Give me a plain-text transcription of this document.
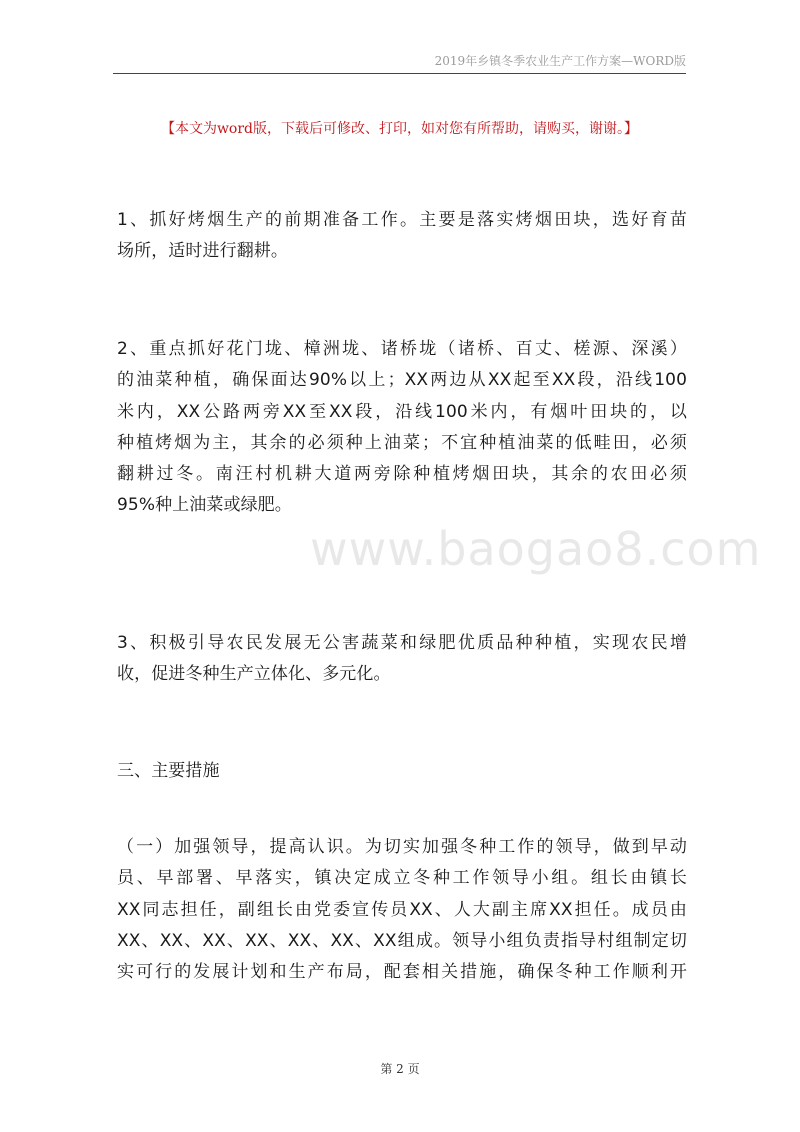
2019年乡镇冬季农业生产工作方案—WORD版
【本文为word版，下载后可修改、打印，如对您有所帮助，请购买，谢谢。】
www.baogao8.com
1、抓好烤烟生产的前期准备工作。主要是落实烤烟田块，选好育苗
场所，适时进行翻耕。
2、重点抓好花门垅、樟洲垅、诸桥垅（诸桥、百丈、槎源、深溪）
的油菜种植，确保面达90%以上；XX两边从XX起至XX段，沿线100
米内，XX公路两旁XX至XX段，沿线100米内，有烟叶田块的，以
种植烤烟为主，其余的必须种上油菜；不宜种植油菜的低畦田，必须
翻耕过冬。南汪村机耕大道两旁除种植烤烟田块，其余的农田必须
95%种上油菜或绿肥。
3、积极引导农民发展无公害蔬菜和绿肥优质品种种植，实现农民增
收，促进冬种生产立体化、多元化。
三、主要措施
（一）加强领导，提高认识。为切实加强冬种工作的领导，做到早动
员、早部署、早落实，镇决定成立冬种工作领导小组。组长由镇长
XX同志担任，副组长由党委宣传员XX、人大副主席XX担任。成员由
XX、XX、XX、XX、XX、XX、XX组成。领导小组负责指导村组制定切
实可行的发展计划和生产布局，配套相关措施，确保冬种工作顺利开
第 2 页
